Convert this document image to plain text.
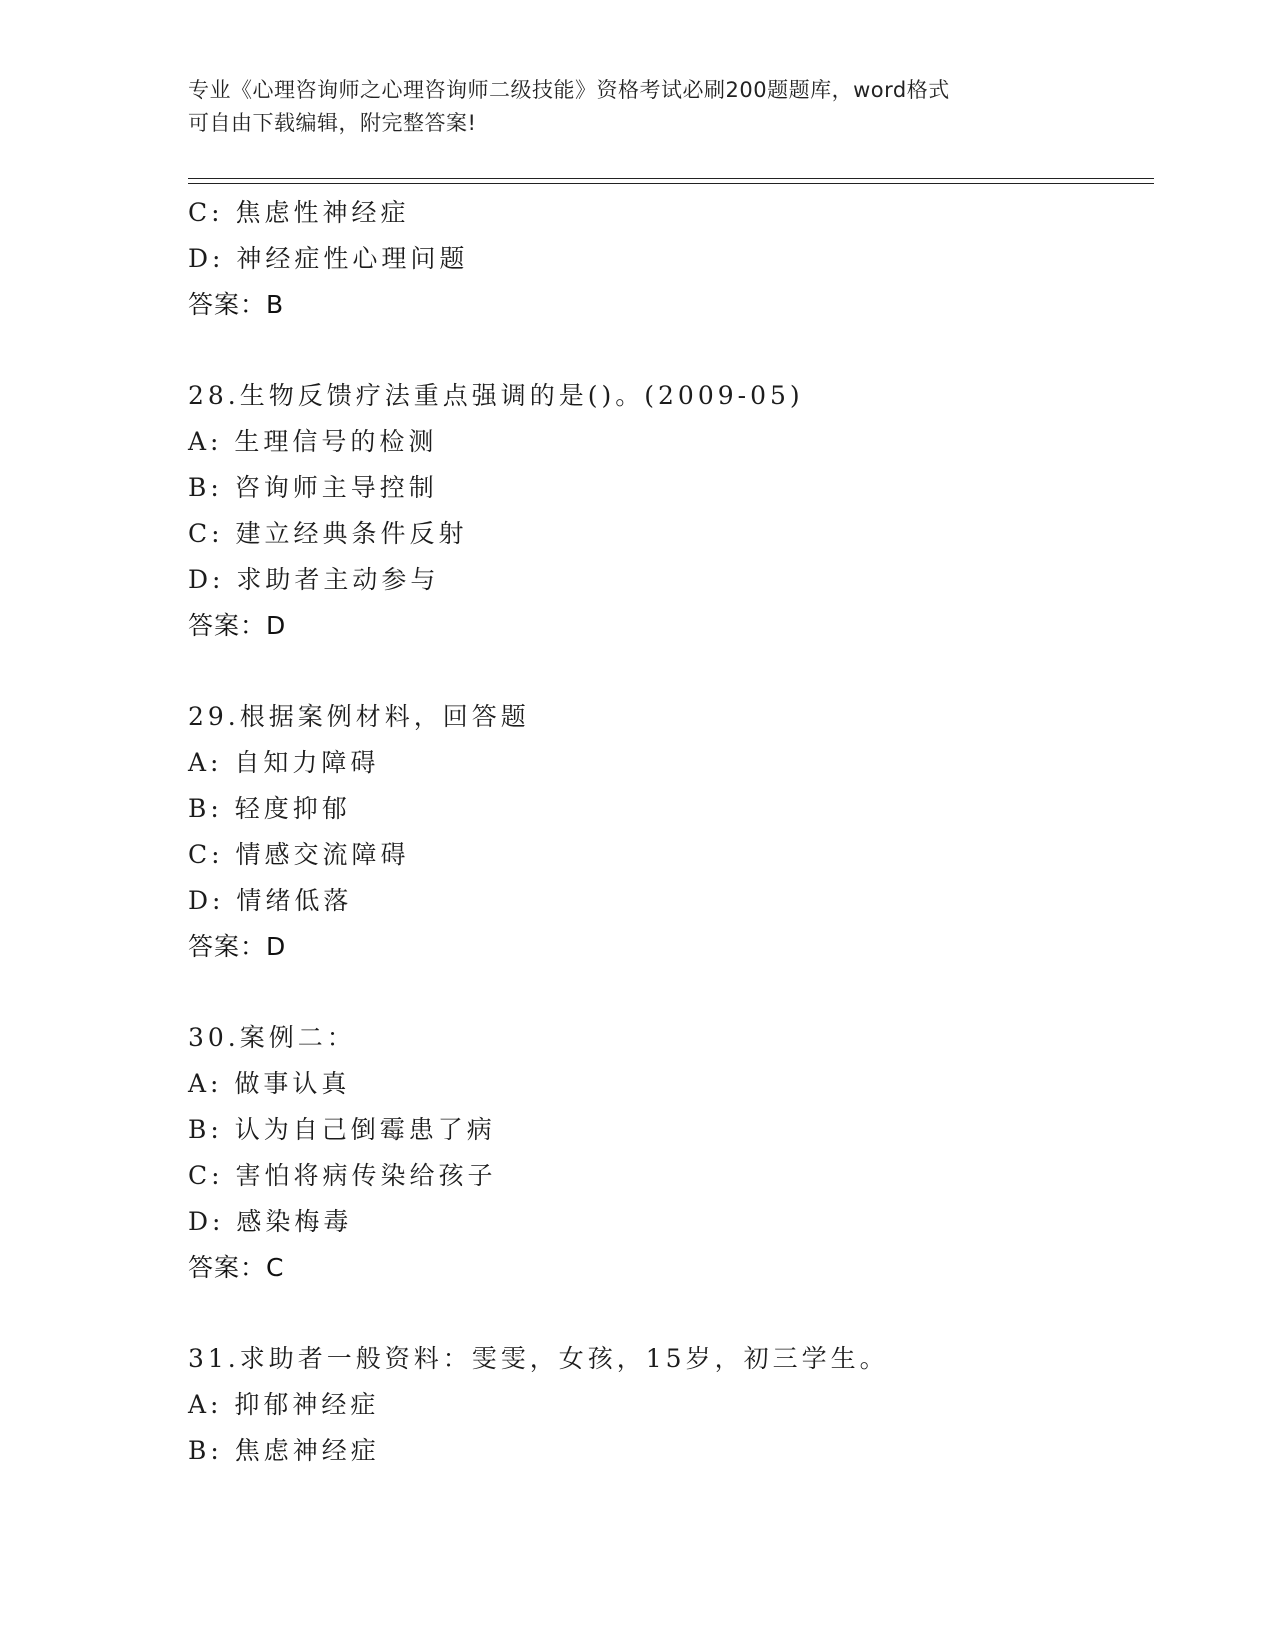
专业《心理咨询师之心理咨询师二级技能》资格考试必刷200题题库，word格式
可自由下载编辑，附完整答案!
C: 焦虑性神经症
D: 神经症性心理问题
答案：B
28.生物反馈疗法重点强调的是()。(2009-05)
A: 生理信号的检测
B: 咨询师主导控制
C: 建立经典条件反射
D: 求助者主动参与
答案：D
29.根据案例材料，回答题
A: 自知力障碍
B: 轻度抑郁
C: 情感交流障碍
D: 情绪低落
答案：D
30.案例二：
A: 做事认真
B: 认为自己倒霉患了病
C: 害怕将病传染给孩子
D: 感染梅毒
答案：C
31.求助者一般资料：雯雯，女孩，15岁，初三学生。
A: 抑郁神经症
B: 焦虑神经症
